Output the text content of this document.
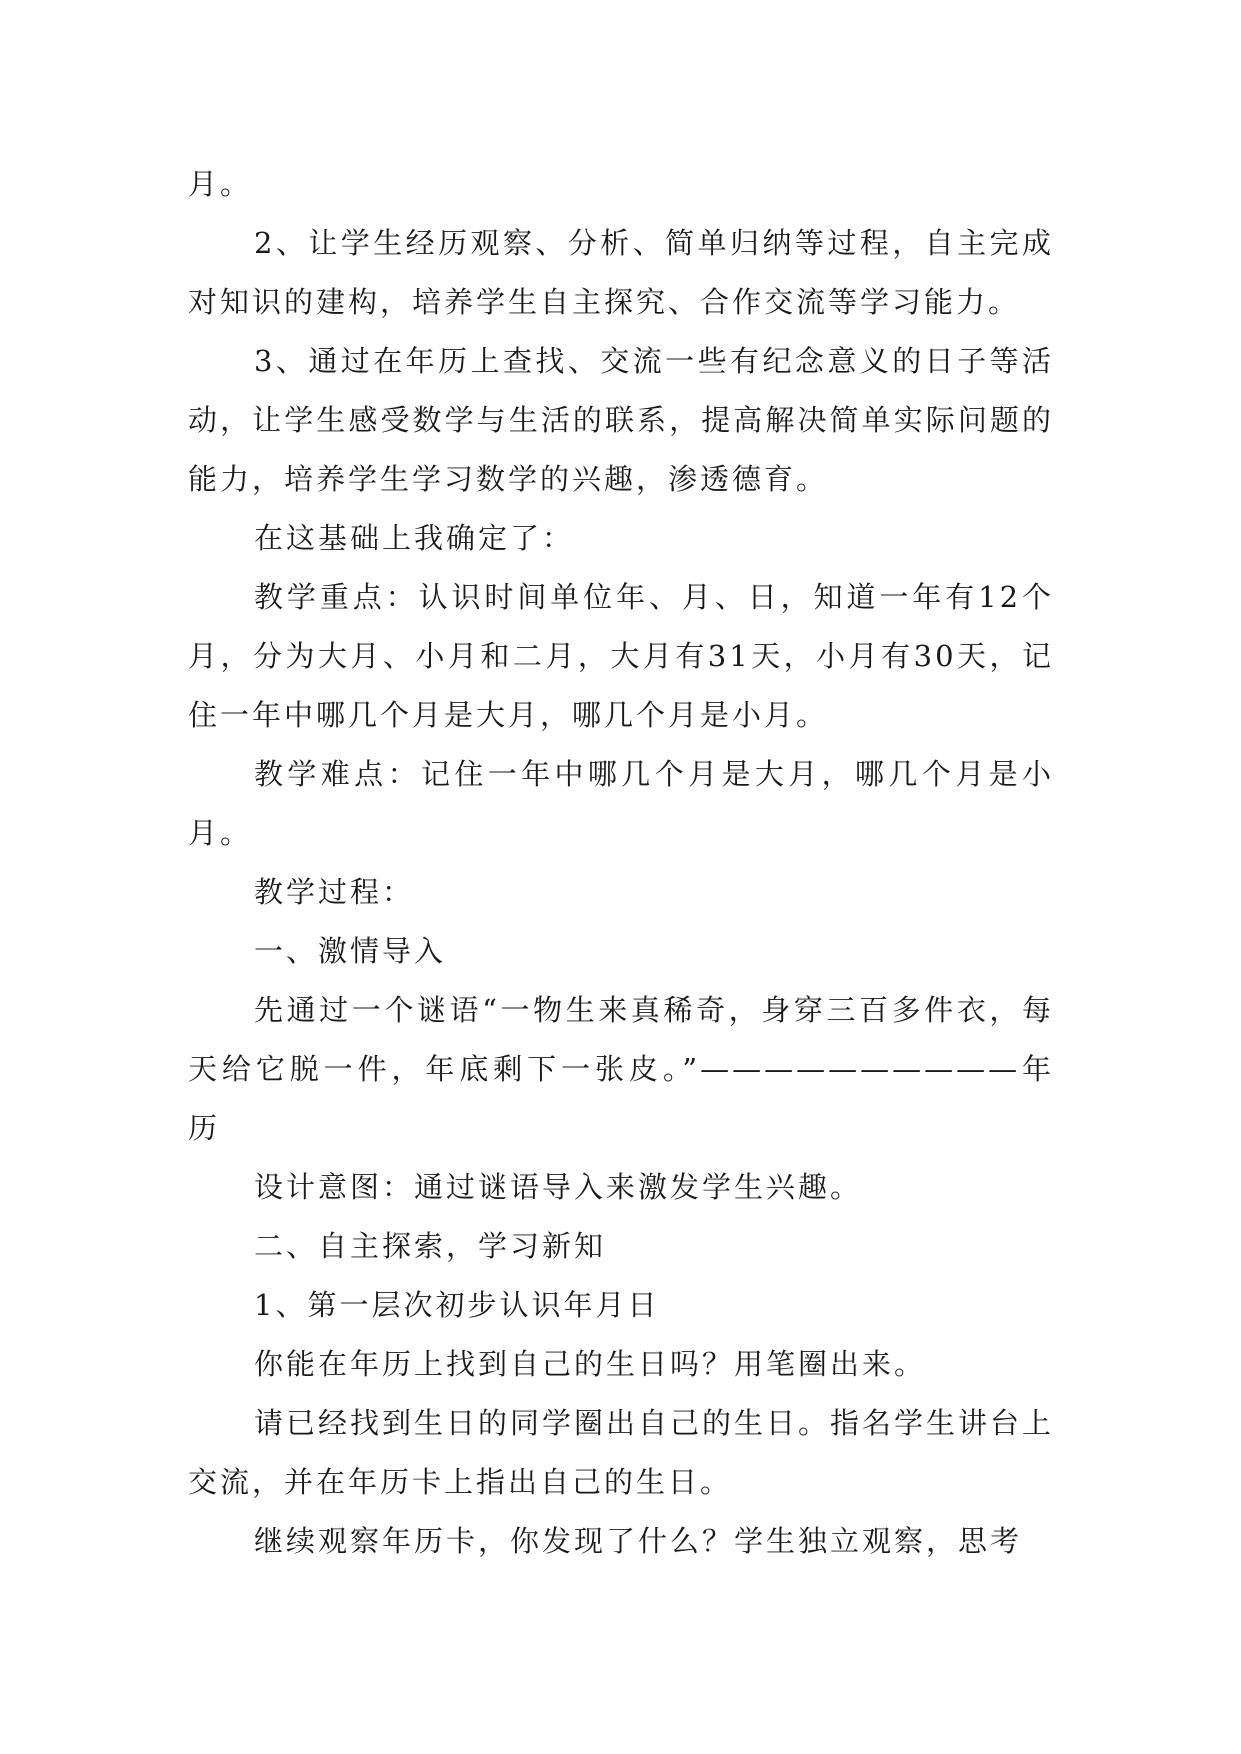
月。

2、让学生经历观察、分析、简单归纳等过程，自主完成对知识的建构，培养学生自主探究、合作交流等学习能力。

3、通过在年历上查找、交流一些有纪念意义的日子等活动，让学生感受数学与生活的联系，提高解决简单实际问题的能力，培养学生学习数学的兴趣，渗透德育。

在这基础上我确定了：

教学重点：认识时间单位年、月、日，知道一年有12个月，分为大月、小月和二月，大月有31天，小月有30天，记住一年中哪几个月是大月，哪几个月是小月。

教学难点：记住一年中哪几个月是大月，哪几个月是小月。

教学过程：

一、激情导入

先通过一个谜语“一物生来真稀奇，身穿三百多件衣，每天给它脱一件，年底剩下一张皮。”——————————年历

设计意图：通过谜语导入来激发学生兴趣。

二、自主探索，学习新知

1、第一层次初步认识年月日

你能在年历上找到自己的生日吗？用笔圈出来。

请已经找到生日的同学圈出自己的生日。指名学生讲台上交流，并在年历卡上指出自己的生日。

继续观察年历卡，你发现了什么？学生独立观察，思考
